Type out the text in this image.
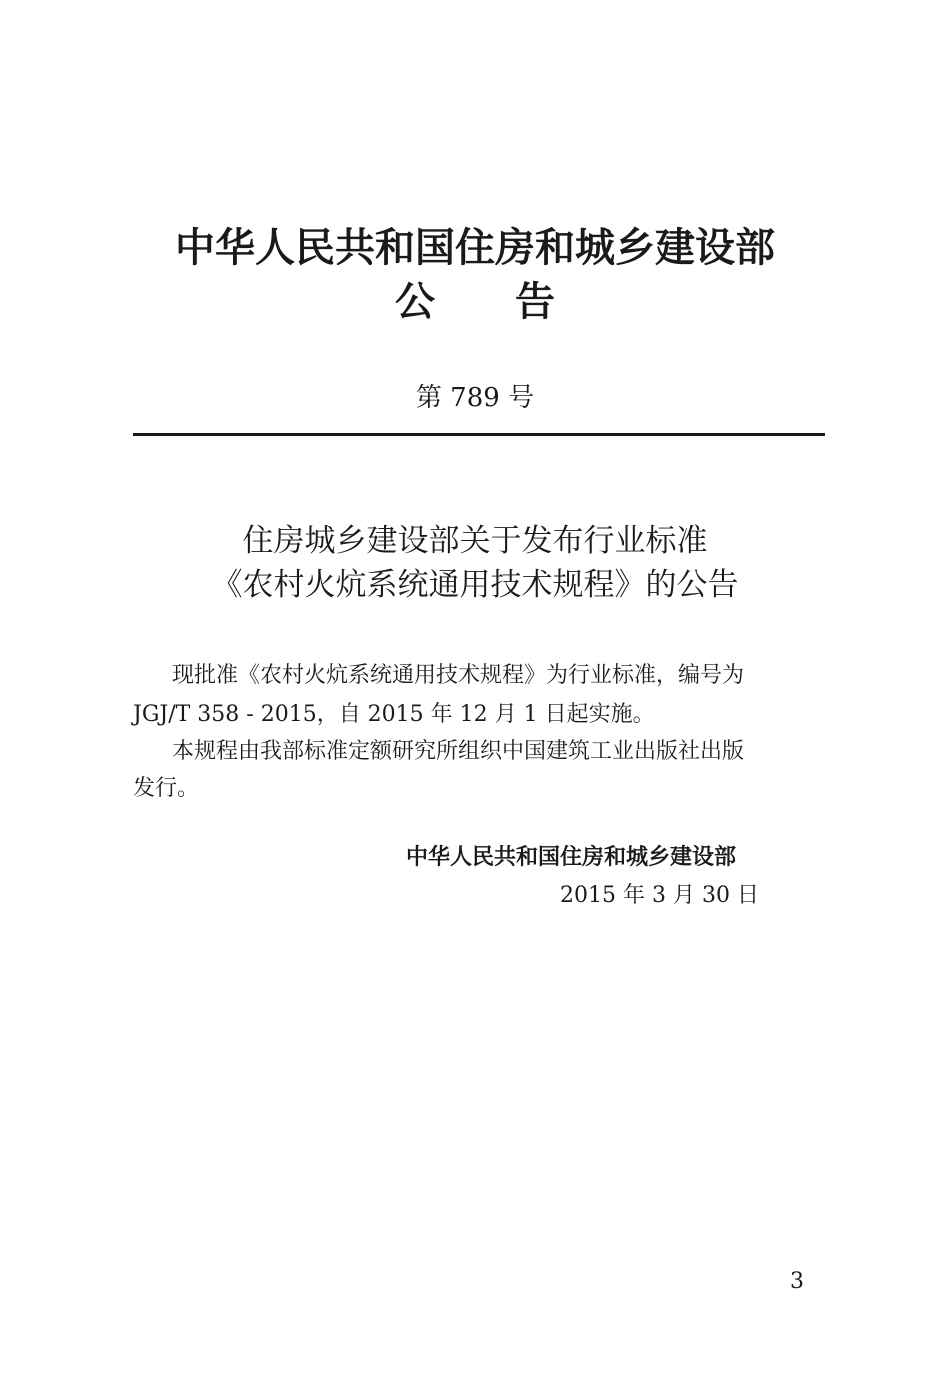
中华人民共和国住房和城乡建设部
公　　告
第 789 号
住房城乡建设部关于发布行业标准
《农村火炕系统通用技术规程》的公告
现批准《农村火炕系统通用技术规程》为行业标准，编号为
JGJ/T 358 - 2015，自 2015 年 12 月 1 日起实施。
本规程由我部标准定额研究所组织中国建筑工业出版社出版
发行。
中华人民共和国住房和城乡建设部
2015 年 3 月 30 日
3
